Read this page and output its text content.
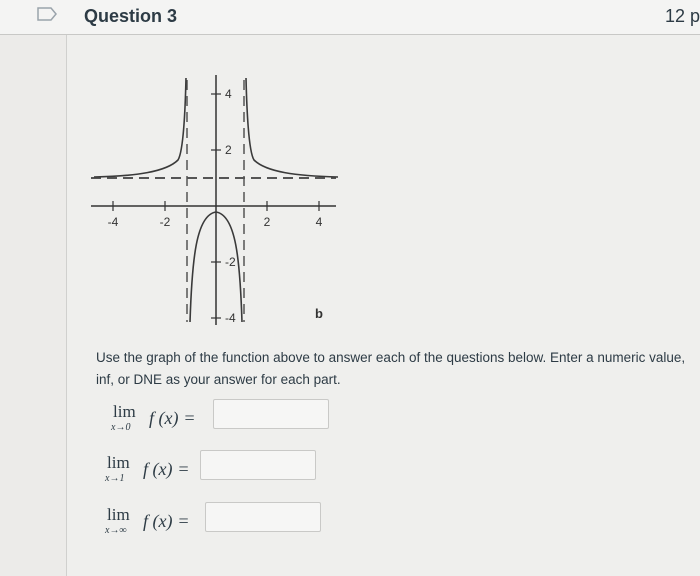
Question 3	12 p
-4	-2	2	4
4
2
-2
-4	b
Use the graph of the function above to answer each of the questions below. Enter a numeric value, inf, or DNE as your answer for each part.
lim
x→0 f (x) =
lim
x→1 f (x) =
lim
x→∞ f (x) =
